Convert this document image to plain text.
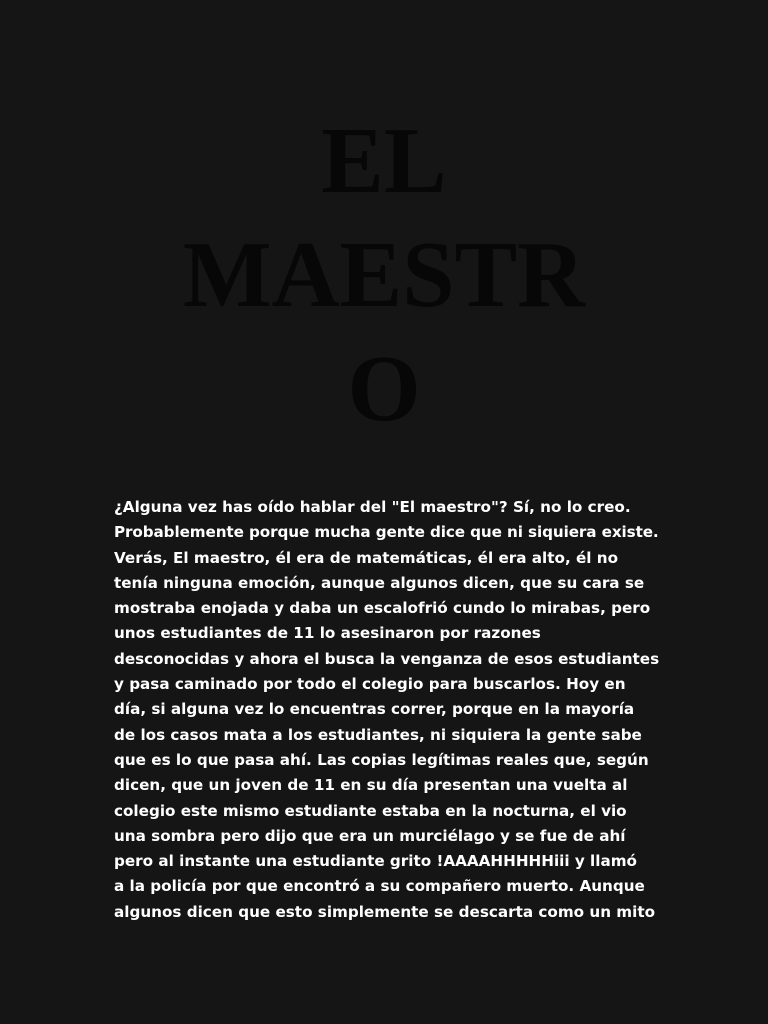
EL
MAESTR
O

¿Alguna vez has oído hablar del "El maestro"? Sí, no lo creo.
Probablemente porque mucha gente dice que ni siquiera existe.
Verás, El maestro, él era de matemáticas, él era alto, él no
tenía ninguna emoción, aunque algunos dicen, que su cara se
mostraba enojada y daba un escalofrió cundo lo mirabas, pero
unos estudiantes de 11 lo asesinaron por razones
desconocidas y ahora el busca la venganza de esos estudiantes
y pasa caminado por todo el colegio para buscarlos. Hoy en
día, si alguna vez lo encuentras correr, porque en la mayoría
de los casos mata a los estudiantes, ni siquiera la gente sabe
que es lo que pasa ahí. Las copias legítimas reales que, según
dicen, que un joven de 11 en su día presentan una vuelta al
colegio este mismo estudiante estaba en la nocturna, el vio
una sombra pero dijo que era un murciélago y se fue de ahí
pero al instante una estudiante grito !AAAAHHHHHiii y llamó
a la policía por que encontró a su compañero muerto. Aunque
algunos dicen que esto simplemente se descarta como un mito
